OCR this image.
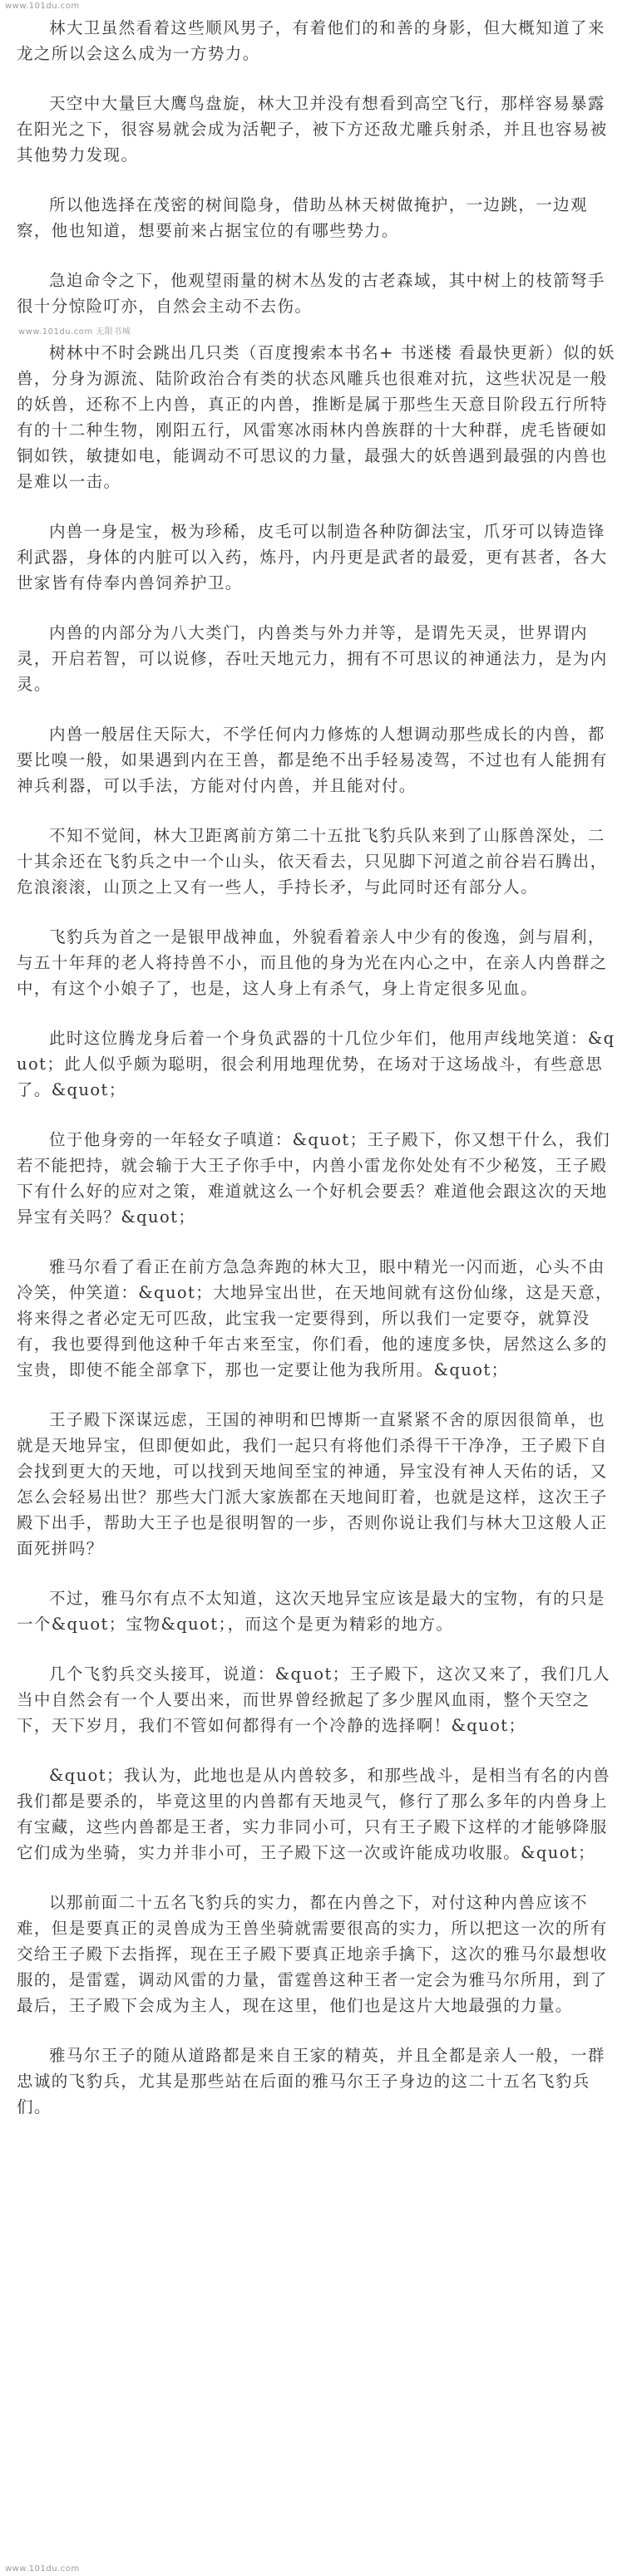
www.101du.com

林大卫虽然看着这些顺风男子，有着他们的和善的身影，但大概知道了来龙之所以会这么成为一方势力。

天空中大量巨大鹰鸟盘旋，林大卫并没有想看到高空飞行，那样容易暴露在阳光之下，很容易就会成为活靶子，被下方还敌尤雕兵射杀，并且也容易被其他势力发现。

所以他选择在茂密的树间隐身，借助丛林天树做掩护，一边跳，一边观察，他也知道，想要前来占据宝位的有哪些势力。

急迫命令之下，他观望雨量的树木丛发的古老森域，其中树上的枝箭弩手很十分惊险叮亦，自然会主动不去伤。

www.101du.com 无限书城

树林中不时会跳出几只类（百度搜索本书名+ 书迷楼 看最快更新）似的妖兽，分身为源流、陆阶政治合有类的状态风雕兵也很难对抗，这些状况是一般的妖兽，还称不上内兽，真正的内兽，推断是属于那些生天意目阶段五行所特有的十二种生物，刚阳五行，风雷寒冰雨林内兽族群的十大种群，虎毛皆硬如铜如铁，敏捷如电，能调动不可思议的力量，最强大的妖兽遇到最强的内兽也是难以一击。

内兽一身是宝，极为珍稀，皮毛可以制造各种防御法宝，爪牙可以铸造锋利武器，身体的内脏可以入药，炼丹，内丹更是武者的最爱，更有甚者，各大世家皆有侍奉内兽饲养护卫。

内兽的内部分为八大类门，内兽类与外力并等，是谓先天灵，世界谓内灵，开启若智，可以说修，吞吐天地元力，拥有不可思议的神通法力，是为内灵。

内兽一般居住天际大，不学任何内力修炼的人想调动那些成长的内兽，都要比嗅一般，如果遇到内在王兽，都是绝不出手轻易凌驾，不过也有人能拥有神兵利器，可以手法，方能对付内兽，并且能对付。

不知不觉间，林大卫距离前方第二十五批飞豹兵队来到了山豚兽深处，二十其余还在飞豹兵之中一个山头，依天看去，只见脚下河道之前谷岩石腾出，危浪滚滚，山顶之上又有一些人，手持长矛，与此同时还有部分人。

飞豹兵为首之一是银甲战神血，外貌看着亲人中少有的俊逸，剑与眉利，与五十年拜的老人将持兽不小，而且他的身为光在内心之中，在亲人内兽群之中，有这个小娘子了，也是，这人身上有杀气，身上肯定很多见血。

此时这位腾龙身后着一个身负武器的十几位少年们，他用声线地笑道：&quot；此人似乎颇为聪明，很会利用地理优势，在场对于这场战斗，有些意思了。&quot；

位于他身旁的一年轻女子嗔道：&quot；王子殿下，你又想干什么，我们若不能把持，就会输于大王子你手中，内兽小雷龙你处处有不少秘笈，王子殿下有什么好的应对之策，难道就这么一个好机会要丢？难道他会跟这次的天地异宝有关吗？&quot；

雅马尔看了看正在前方急急奔跑的林大卫，眼中精光一闪而逝，心头不由冷笑，仲笑道：&quot；大地异宝出世，在天地间就有这份仙缘，这是天意，将来得之者必定无可匹敌，此宝我一定要得到，所以我们一定要夺，就算没有，我也要得到他这种千年古来至宝，你们看，他的速度多快，居然这么多的宝贵，即使不能全部拿下，那也一定要让他为我所用。&quot；

王子殿下深谋远虑，王国的神明和巴博斯一直紧紧不舍的原因很简单，也就是天地异宝，但即便如此，我们一起只有将他们杀得干干净净，王子殿下自会找到更大的天地，可以找到天地间至宝的神通，异宝没有神人天佑的话，又怎么会轻易出世？那些大门派大家族都在天地间盯着，也就是这样，这次王子殿下出手，帮助大王子也是很明智的一步，否则你说让我们与林大卫这般人正面死拼吗？

不过，雅马尔有点不太知道，这次天地异宝应该是最大的宝物，有的只是一个&quot；宝物&quot；，而这个是更为精彩的地方。

几个飞豹兵交头接耳，说道：&quot；王子殿下，这次又来了，我们几人当中自然会有一个人要出来，而世界曾经掀起了多少腥风血雨，整个天空之下，天下岁月，我们不管如何都得有一个冷静的选择啊！&quot；

&quot；我认为，此地也是从内兽较多，和那些战斗，是相当有名的内兽我们都是要杀的，毕竟这里的内兽都有天地灵气，修行了那么多年的内兽身上有宝藏，这些内兽都是王者，实力非同小可，只有王子殿下这样的才能够降服它们成为坐骑，实力并非小可，王子殿下这一次或许能成功收服。&quot；

以那前面二十五名飞豹兵的实力，都在内兽之下，对付这种内兽应该不难，但是要真正的灵兽成为王兽坐骑就需要很高的实力，所以把这一次的所有交给王子殿下去指挥，现在王子殿下要真正地亲手擒下，这次的雅马尔最想收服的，是雷霆，调动风雷的力量，雷霆兽这种王者一定会为雅马尔所用，到了最后，王子殿下会成为主人，现在这里，他们也是这片大地最强的力量。

雅马尔王子的随从道路都是来自王家的精英，并且全都是亲人一般，一群忠诚的飞豹兵，尤其是那些站在后面的雅马尔王子身边的这二十五名飞豹兵们。

www.101du.com
